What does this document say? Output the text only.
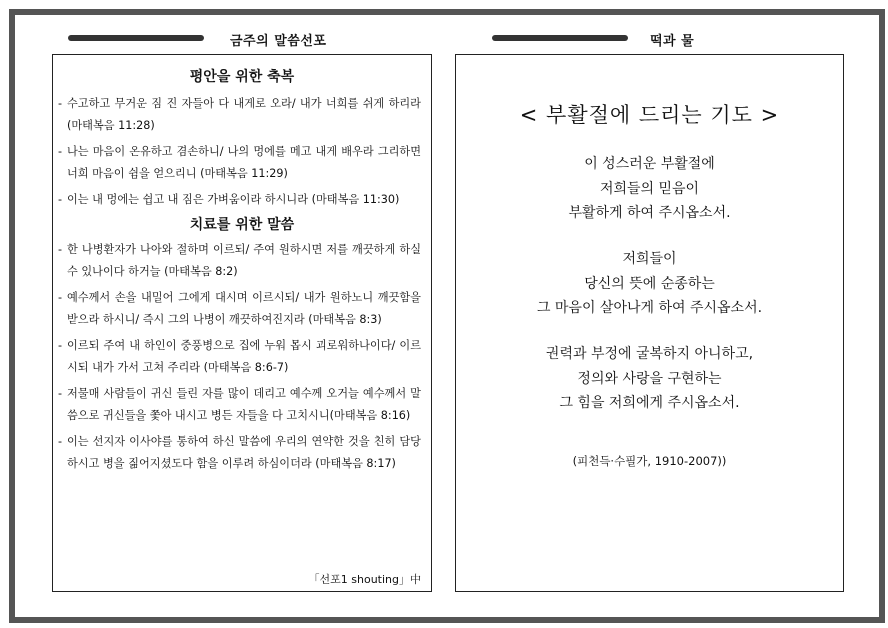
금주의 말씀선포	떡과 물
평안을 위한 축복
- 수고하고 무거운 짐 진 자들아 다 내게로 오라/ 내가 너희를 쉬게 하리라 (마태복음 11:28)
- 나는 마음이 온유하고 겸손하니/ 나의 멍에를 메고 내게 배우라 그리하면 너희 마음이 쉼을 얻으리니 (마태복음 11:29)
- 이는 내 멍에는 쉽고 내 짐은 가벼움이라 하시니라 (마태복음 11:30)
치료를 위한 말씀
- 한 나병환자가 나아와 절하며 이르되/ 주여 원하시면 저를 깨끗하게 하실 수 있나이다 하거늘 (마태복음 8:2)
- 예수께서 손을 내밀어 그에게 대시며 이르시되/ 내가 원하노니 깨끗함을 받으라 하시니/ 즉시 그의 나병이 깨끗하여진지라 (마태복음 8:3)
- 이르되 주여 내 하인이 중풍병으로 집에 누워 몹시 괴로워하나이다/ 이르시되 내가 가서 고쳐 주리라 (마태복음 8:6-7)
- 저물매 사람들이 귀신 들린 자를 많이 데리고 예수께 오거늘 예수께서 말씀으로 귀신들을 쫓아 내시고 병든 자들을 다 고치시니(마태복음 8:16)
- 이는 선지자 이사야를 통하여 하신 말씀에 우리의 연약한 것을 친히 담당하시고 병을 짊어지셨도다 함을 이루려 하심이더라 (마태복음 8:17)
「선포1 shouting」中
< 부활절에 드리는 기도 >
이 성스러운 부활절에
저희들의 믿음이
부활하게 하여 주시옵소서.
저희들이
당신의 뜻에 순종하는
그 마음이 살아나게 하여 주시옵소서.
권력과 부정에 굴복하지 아니하고,
정의와 사랑을 구현하는
그 힘을 저희에게 주시옵소서.
(피천득·수필가, 1910-2007))
